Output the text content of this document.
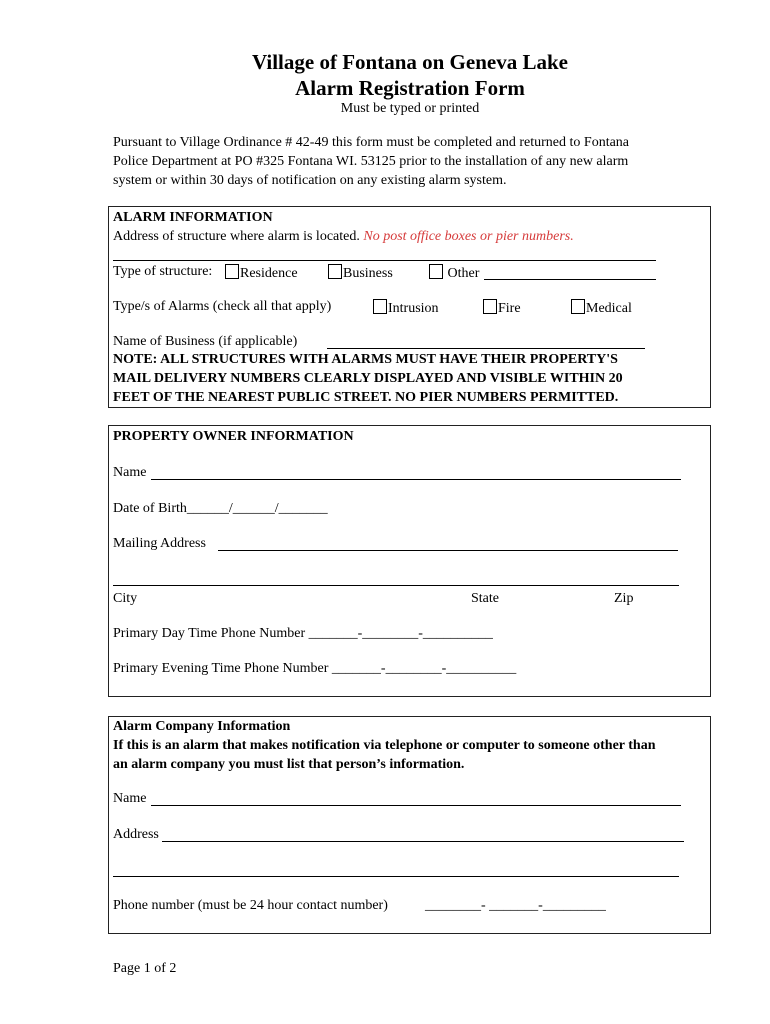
Village of Fontana on Geneva Lake
Alarm Registration Form
Must be typed or printed
Pursuant to Village Ordinance # 42-49 this form must be completed and returned to Fontana
Police Department at PO #325 Fontana WI. 53125 prior to the installation of any new alarm
system or within 30 days of notification on any existing alarm system.
ALARM INFORMATION
Address of structure where alarm is located. No post office boxes or pier numbers.
Type of structure:	Residence	Business	Other
Type/s of Alarms (check all that apply)	Intrusion	Fire	Medical
Name of Business (if applicable)
NOTE: ALL STRUCTURES WITH ALARMS MUST HAVE THEIR PROPERTY'S
MAIL DELIVERY NUMBERS CLEARLY DISPLAYED AND VISIBLE WITHIN 20
FEET OF THE NEAREST PUBLIC STREET. NO PIER NUMBERS PERMITTED.
PROPERTY OWNER INFORMATION
Name
Date of Birth______/______/_______
Mailing Address
City	State	Zip
Primary Day Time Phone Number _______-________-__________
Primary Evening Time Phone Number _______-________-__________
Alarm Company Information
If this is an alarm that makes notification via telephone or computer to someone other than
an alarm company you must list that person’s information.
Name
Address
Phone number (must be 24 hour contact number)	________- _______-_________
Page 1 of 2
